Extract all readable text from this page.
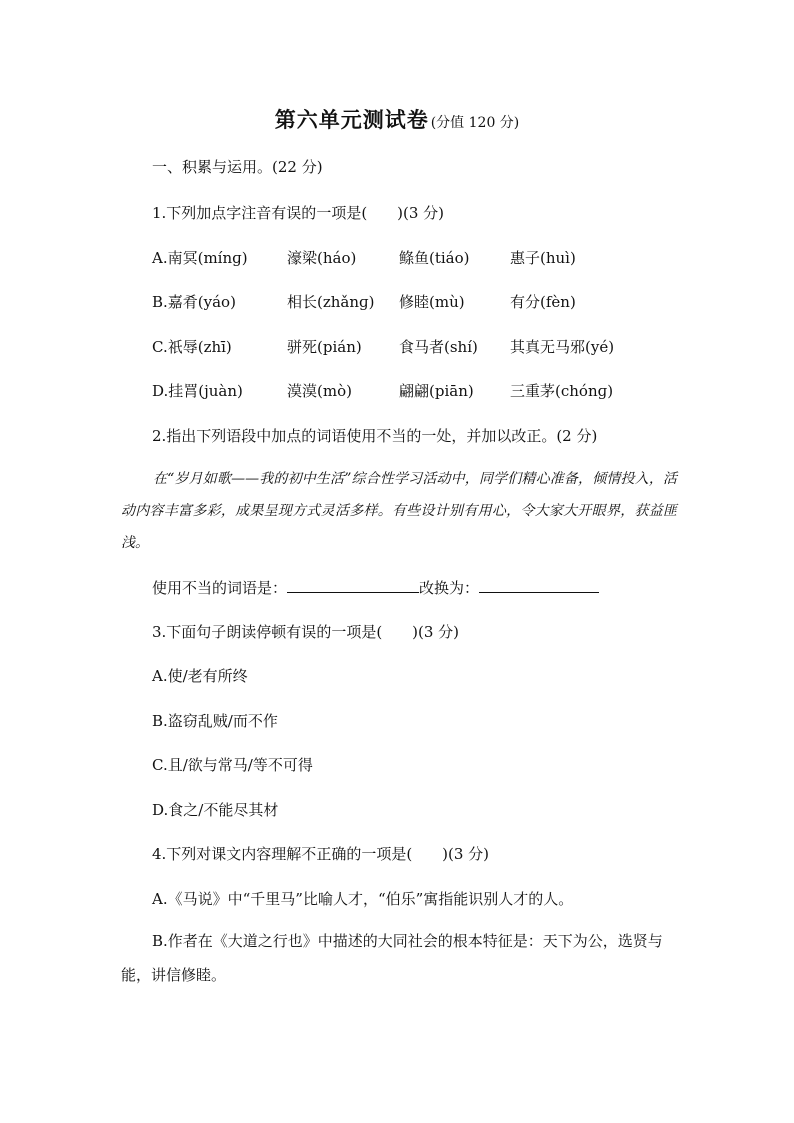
第六单元测试卷 (分值 120 分)
一、积累与运用。(22 分)
1.下列加点字注音有误的一项是(　　)(3 分)
A.南冥(mínɡ)	濠梁(háo)	鲦鱼(tiáo)	惠子(huì)
B.嘉肴(yáo)	相长(zhǎnɡ) 修睦(mù)	有分(fèn)
C.祇辱(zhī)	骈死(pián) 食马者(shí) 其真无马邪(yé)
D.挂罥(juàn)	漠漠(mò)	翩翩(piān) 三重茅(chónɡ)
2.指出下列语段中加点的词语使用不当的一处，并加以改正。(2 分)
在“岁月如歌——我的初中生活”综合性学习活动中，同学们精心准备，倾情投入，活动内容丰富多彩，成果呈现方式灵活多样。有些设计别有用心，令大家大开眼界，获益匪浅。
使用不当的词语是：	改换为：
3.下面句子朗读停顿有误的一项是(　　)(3 分)
A.使/老有所终
B.盗窃乱贼/而不作
C.且/欲与常马/等不可得
D.食之/不能尽其材
4.下列对课文内容理解不正确的一项是(　　)(3 分)
A.《马说》中“千里马”比喻人才，“伯乐”寓指能识别人才的人。
B.作者在《大道之行也》中描述的大同社会的根本特征是：天下为公，选贤与能，讲信修睦。
